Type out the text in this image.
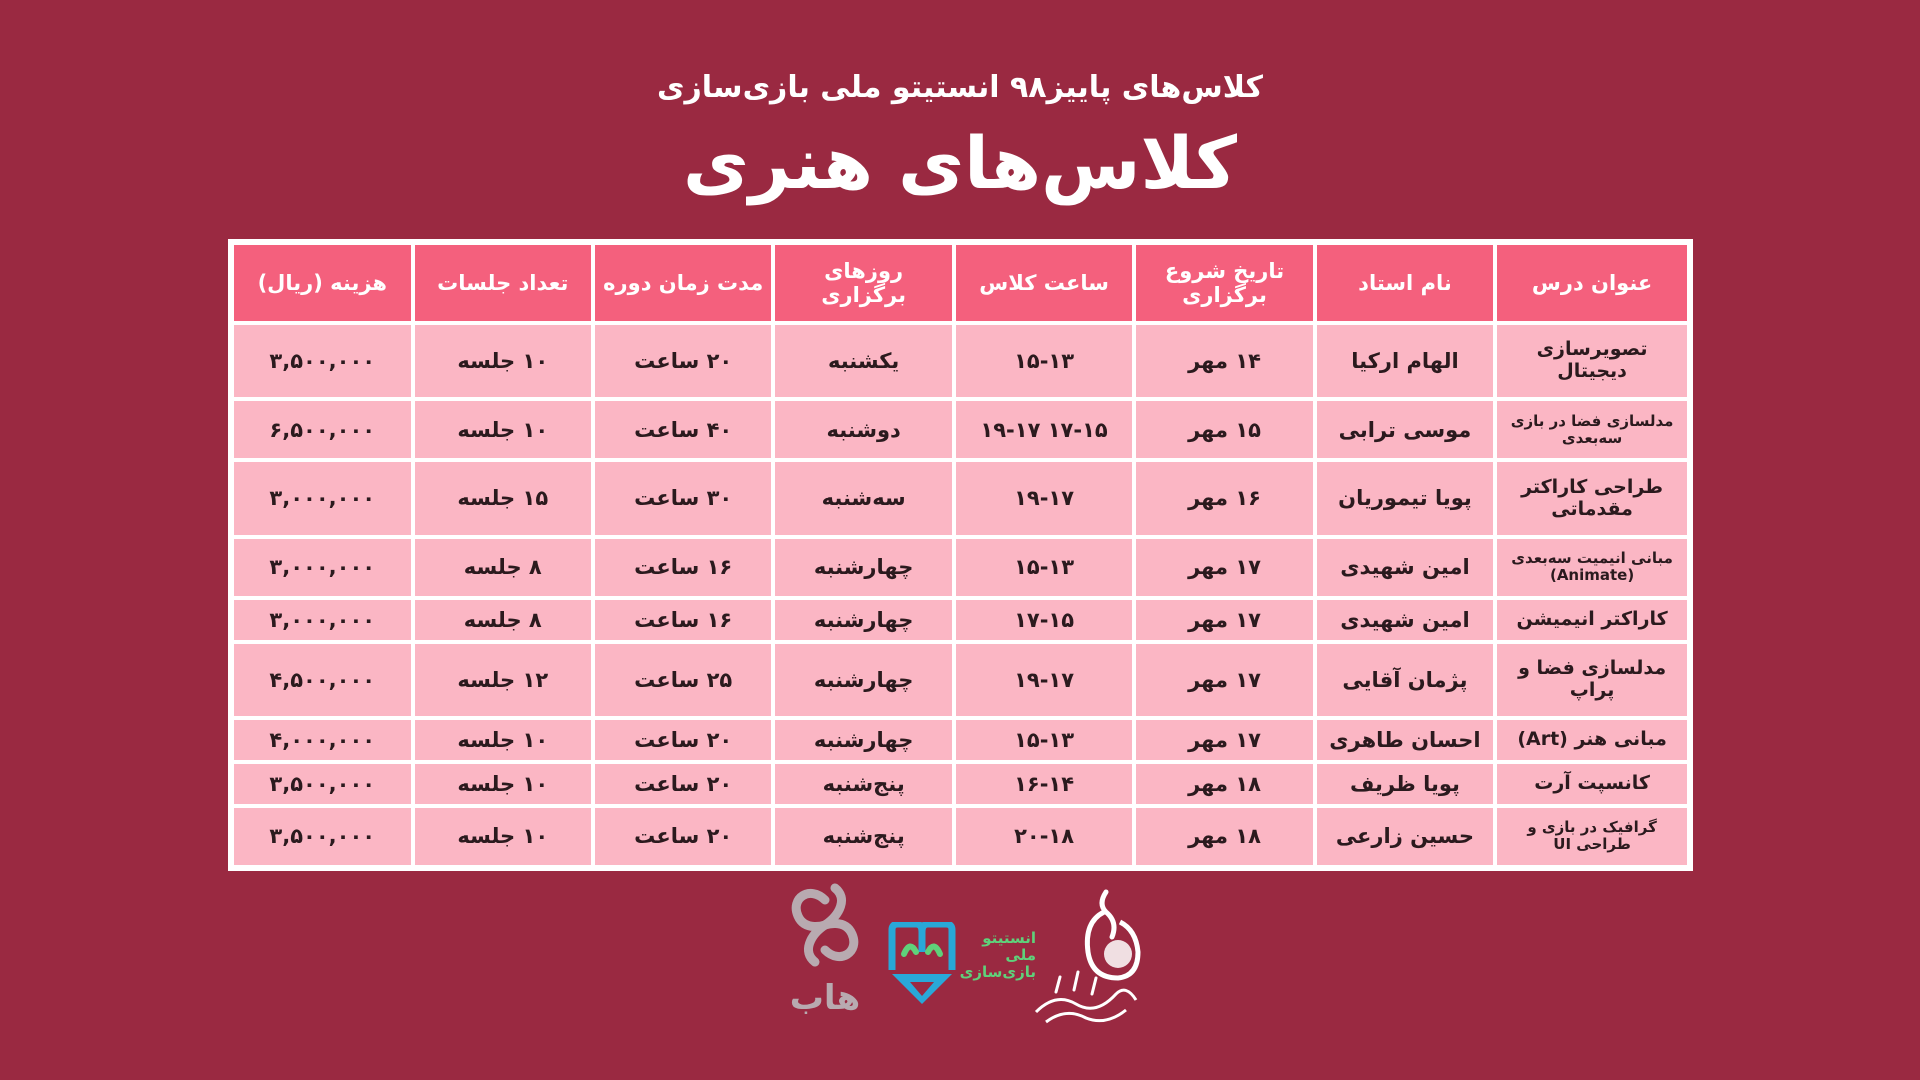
کلاس‌های پاییز۹۸ انستیتو ملی بازی‌سازی
کلاس‌های هنری
عنوان درس	نام استاد	تاریخ شروع برگزاری	ساعت کلاس	روزهای برگزاری	مدت زمان دوره	تعداد جلسات	هزینه (ریال)
تصویرسازی دیجیتال	الهام ارکیا	۱۴ مهر	۱۵-۱۳	یکشنبه	۲۰ ساعت	۱۰ جلسه	۳,۵۰۰,۰۰۰
مدلسازی فضا در بازی سه‌بعدی	موسی ترابی	۱۵ مهر	۱۷-۱۵ ۱۹-۱۷	دوشنبه	۴۰ ساعت	۱۰ جلسه	۶,۵۰۰,۰۰۰
طراحی کاراکتر مقدماتی	پویا تیموریان	۱۶ مهر	۱۹-۱۷	سه‌شنبه	۳۰ ساعت	۱۵ جلسه	۳,۰۰۰,۰۰۰
مبانی انیمیت سه‌بعدی (Animate)	امین شهیدی	۱۷ مهر	۱۵-۱۳	چهارشنبه	۱۶ ساعت	۸ جلسه	۳,۰۰۰,۰۰۰
کاراکتر انیمیشن	امین شهیدی	۱۷ مهر	۱۷-۱۵	چهارشنبه	۱۶ ساعت	۸ جلسه	۳,۰۰۰,۰۰۰
مدلسازی فضا و پراپ	پژمان آقایی	۱۷ مهر	۱۹-۱۷	چهارشنبه	۲۵ ساعت	۱۲ جلسه	۴,۵۰۰,۰۰۰
مبانی هنر (Art)	احسان طاهری	۱۷ مهر	۱۵-۱۳	چهارشنبه	۲۰ ساعت	۱۰ جلسه	۴,۰۰۰,۰۰۰
کانسپت آرت	پویا ظریف	۱۸ مهر	۱۶-۱۴	پنج‌شنبه	۲۰ ساعت	۱۰ جلسه	۳,۵۰۰,۰۰۰
گرافیک در بازی و طراحی UI	حسین زارعی	۱۸ مهر	۲۰-۱۸	پنج‌شنبه	۲۰ ساعت	۱۰ جلسه	۳,۵۰۰,۰۰۰
هاب
انستیتو ملی بازی‌سازی
